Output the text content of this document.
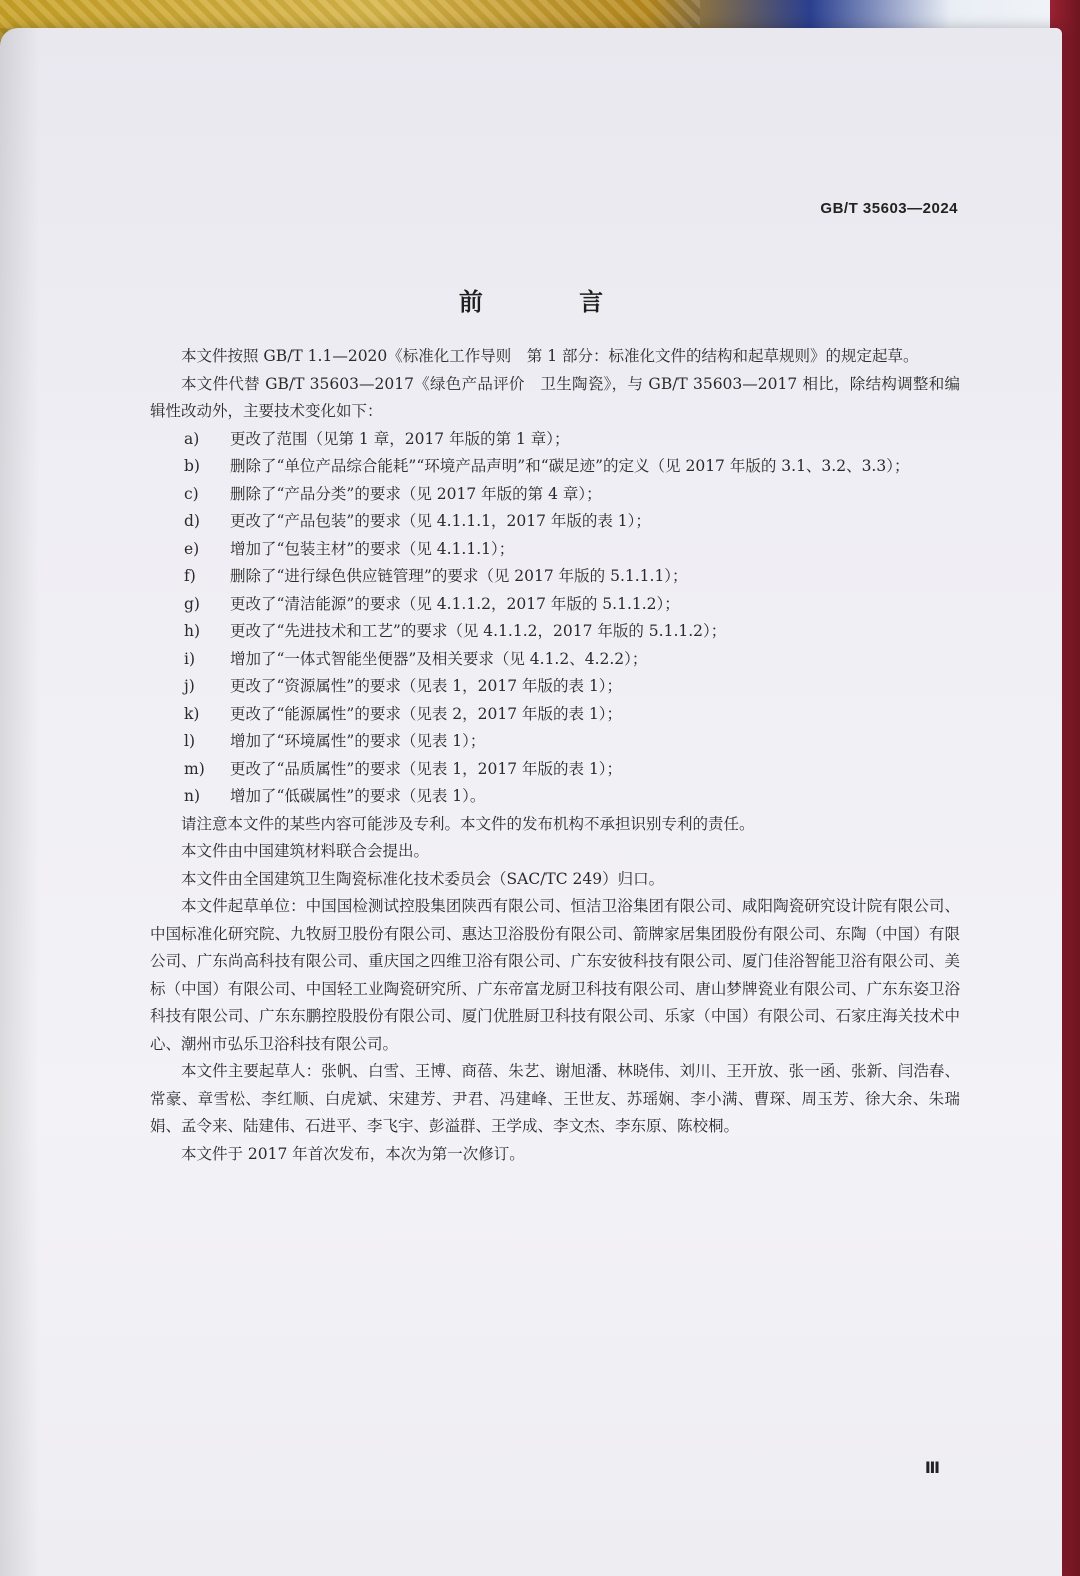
GB/T 35603—2024
前 言

本文件按照 GB/T 1.1—2020《标准化工作导则　第 1 部分：标准化文件的结构和起草规则》的规定起草。

本文件代替 GB/T 35603—2017《绿色产品评价　卫生陶瓷》，与 GB/T 35603—2017 相比，除结构调整和编辑性改动外，主要技术变化如下：

a) 更改了范围（见第 1 章，2017 年版的第 1 章）；
b) 删除了“单位产品综合能耗”“环境产品声明”和“碳足迹”的定义（见 2017 年版的 3.1、3.2、3.3）；
c) 删除了“产品分类”的要求（见 2017 年版的第 4 章）；
d) 更改了“产品包装”的要求（见 4.1.1.1，2017 年版的表 1）；
e) 增加了“包装主材”的要求（见 4.1.1.1）；
f) 删除了“进行绿色供应链管理”的要求（见 2017 年版的 5.1.1.1）；
g) 更改了“清洁能源”的要求（见 4.1.1.2，2017 年版的 5.1.1.2）；
h) 更改了“先进技术和工艺”的要求（见 4.1.1.2，2017 年版的 5.1.1.2）；
i) 增加了“一体式智能坐便器”及相关要求（见 4.1.2、4.2.2）；
j) 更改了“资源属性”的要求（见表 1，2017 年版的表 1）；
k) 更改了“能源属性”的要求（见表 2，2017 年版的表 1）；
l) 增加了“环境属性”的要求（见表 1）；
m) 更改了“品质属性”的要求（见表 1，2017 年版的表 1）；
n) 增加了“低碳属性”的要求（见表 1）。

请注意本文件的某些内容可能涉及专利。本文件的发布机构不承担识别专利的责任。

本文件由中国建筑材料联合会提出。

本文件由全国建筑卫生陶瓷标准化技术委员会（SAC/TC 249）归口。

本文件起草单位：中国国检测试控股集团陕西有限公司、恒洁卫浴集团有限公司、咸阳陶瓷研究设计院有限公司、中国标准化研究院、九牧厨卫股份有限公司、惠达卫浴股份有限公司、箭牌家居集团股份有限公司、东陶（中国）有限公司、广东尚高科技有限公司、重庆国之四维卫浴有限公司、广东安彼科技有限公司、厦门佳浴智能卫浴有限公司、美标（中国）有限公司、中国轻工业陶瓷研究所、广东帝富龙厨卫科技有限公司、唐山梦牌瓷业有限公司、广东东姿卫浴科技有限公司、广东东鹏控股股份有限公司、厦门优胜厨卫科技有限公司、乐家（中国）有限公司、石家庄海关技术中心、潮州市弘乐卫浴科技有限公司。

本文件主要起草人：张帆、白雪、王博、商蓓、朱艺、谢旭潘、林晓伟、刘川、王开放、张一函、张新、闫浩春、常豪、章雪松、李红顺、白虎斌、宋建芳、尹君、冯建峰、王世友、苏瑶娴、李小满、曹琛、周玉芳、徐大余、朱瑞娟、孟令来、陆建伟、石进平、李飞宇、彭溢群、王学成、李文杰、李东原、陈校桐。

本文件于 2017 年首次发布，本次为第一次修订。

Ⅲ
